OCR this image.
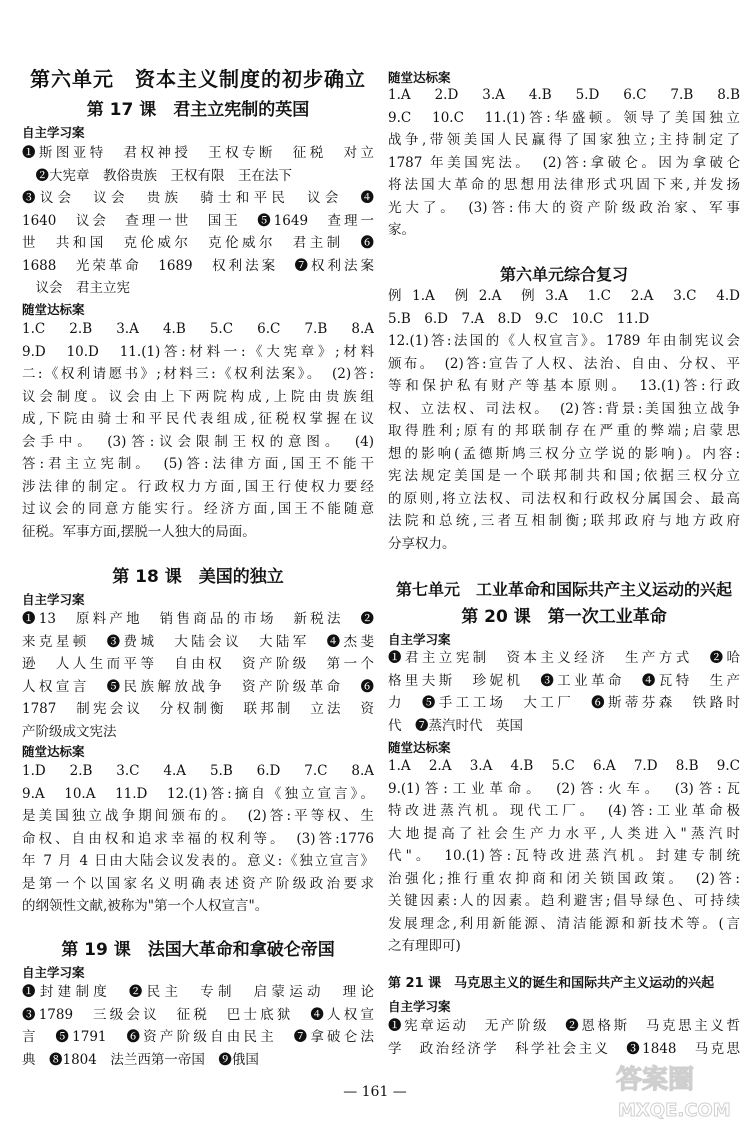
第六单元　资本主义制度的初步确立
第 17 课　君主立宪制的英国
自主学习案
❶斯图亚特　君权神授　王权专断　征税　对立
　❷大宪章　教俗贵族　王权有限　王在法下
❸议会　议会　贵族　骑士和平民　议会　❹
1640　议会　查理一世　国王　❺1649　查理一
世　共和国　克伦威尔　克伦威尔　君主制　❻
1688　光荣革命　1689　权利法案　❼权利法案
　议会　君主立宪
随堂达标案
1.C　2.B　3.A　4.B　5.C　6.C　7.B　8.A
9.D　10.D　11.(1)答:材料一:《大宪章》;材料
二:《权利请愿书》;材料三:《权利法案》。　(2)答:
议会制度。议会由上下两院构成,上院由贵族组
成,下院由骑士和平民代表组成,征税权掌握在议
会手中。　(3)答:议会限制王权的意图。　(4)
答:君主立宪制。　(5)答:法律方面,国王不能干
涉法律的制定。行政权力方面,国王行使权力要经
过议会的同意方能实行。经济方面,国王不能随意
征税。军事方面,摆脱一人独大的局面。
第 18 课　美国的独立
自主学习案
❶13　原料产地　销售商品的市场　新税法　❷
来克星顿　❸费城　大陆会议　大陆军　❹杰斐
逊　人人生而平等　自由权　资产阶级　第一个
人权宣言　❺民族解放战争　资产阶级革命　❻
1787　制宪会议　分权制衡　联邦制　立法　资
产阶级成文宪法
随堂达标案
1.D　2.B　3.C　4.A　5.B　6.D　7.C　8.A
9.A　10.A　11.D　12.(1)答:摘自《独立宣言》。
是美国独立战争期间颁布的。　(2)答:平等权、生
命权、自由权和追求幸福的权利等。　(3)答:1776
年 7 月 4 日由大陆会议发表的。意义:《独立宣言》
是第一个以国家名义明确表述资产阶级政治要求
的纲领性文献,被称为"第一个人权宣言"。
第 19 课　法国大革命和拿破仑帝国
自主学习案
❶封建制度　❷民主　专制　启蒙运动　理论
❸1789　三级会议　征税　巴士底狱　❹人权宣
言　❺1791　❻资产阶级自由民主　❼拿破仑法
典　❽1804　法兰西第一帝国　❾俄国
随堂达标案
1.A　2.D　3.A　4.B　5.D　6.C　7.B　8.B
9.C　10.C　11.(1)答:华盛顿。领导了美国独立
战争,带领美国人民赢得了国家独立;主持制定了
1787 年美国宪法。　(2)答:拿破仑。因为拿破仑
将法国大革命的思想用法律形式巩固下来,并发扬
光大了。　(3)答:伟大的资产阶级政治家、军事
家。
第六单元综合复习
例 1.A　例 2.A　例 3.A　1.C　2.A　3.C　4.D
5.B　6.D　7.A　8.D　9.C　10.C　11.D
12.(1)答:法国的《人权宣言》。1789 年由制宪议会
颁布。　(2)答:宣告了人权、法治、自由、分权、平
等和保护私有财产等基本原则。　13.(1)答:行政
权、立法权、司法权。　(2)答:背景:美国独立战争
取得胜利;原有的邦联制存在严重的弊端;启蒙思
想的影响(孟德斯鸠三权分立学说的影响)。内容:
宪法规定美国是一个联邦制共和国;依据三权分立
的原则,将立法权、司法权和行政权分属国会、最高
法院和总统,三者互相制衡;联邦政府与地方政府
分享权力。
第七单元　工业革命和国际共产主义运动的兴起
第 20 课　第一次工业革命
自主学习案
❶君主立宪制　资本主义经济　生产方式　❷哈
格里夫斯　珍妮机　❸工业革命　❹瓦特　生产
力　❺手工工场　大工厂　❻斯蒂芬森　铁路时
代　❼蒸汽时代　英国
随堂达标案
1.A　2.A　3.A　4.B　5.C　6.A　7.D　8.B　9.C
9.(1)答:工业革命。　(2)答:火车。　(3)答:瓦
特改进蒸汽机。现代工厂。　(4)答:工业革命极
大地提高了社会生产力水平,人类进入"蒸汽时
代"。　10.(1)答:瓦特改进蒸汽机。封建专制统
治强化;推行重农抑商和闭关锁国政策。　(2)答:
关键因素:人的因素。趋利避害;倡导绿色、可持续
发展理念,利用新能源、清洁能源和新技术等。(言
之有理即可)
第 21 课　马克思主义的诞生和国际共产主义运动的兴起
自主学习案
❶宪章运动　无产阶级　❷恩格斯　马克思主义哲
学　政治经济学　科学社会主义　❸1848　马克思
— 161 —	答案圈
MXQE.COM
